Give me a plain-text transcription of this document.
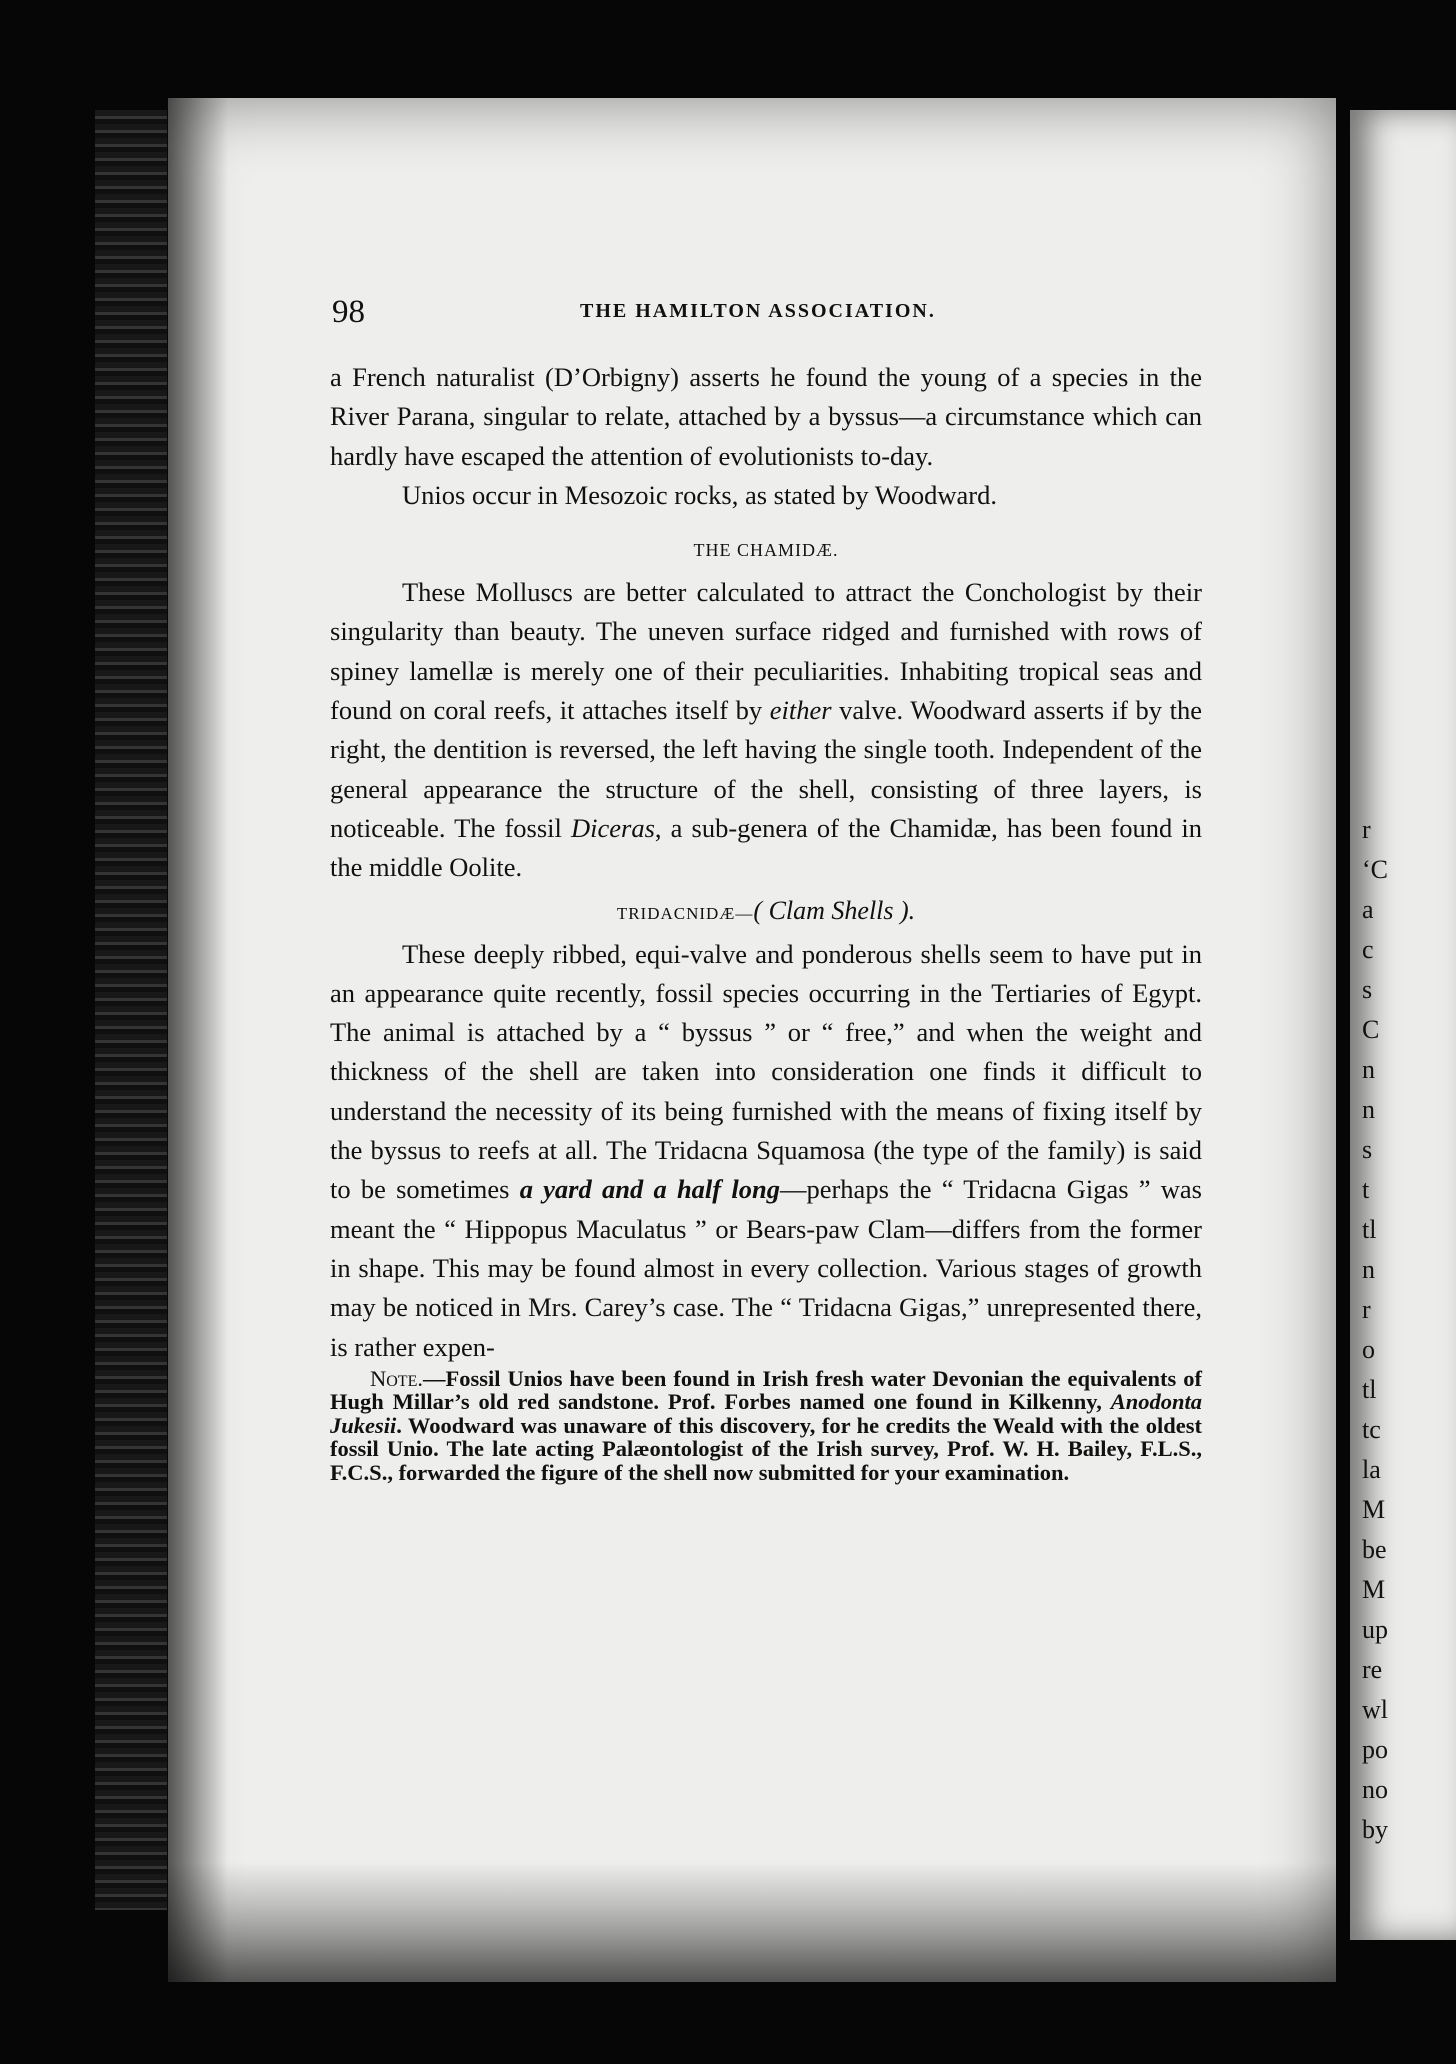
r
‘C
a
c
s
C
n
n
s
t
tl
n
r
o
tl
tc
la
M
be
M
up
re
wl
po
no
by
98	THE HAMILTON ASSOCIATION.

a French naturalist (D’Orbigny) asserts he found the young of a species in the River Parana, singular to relate, attached by a byssus—a circumstance which can hardly have escaped the attention of evolutionists to-day.

Unios occur in Mesozoic rocks, as stated by Woodward.

THE CHAMIDÆ.

These Molluscs are better calculated to attract the Conchologist by their singularity than beauty. The uneven surface ridged and furnished with rows of spiney lamellæ is merely one of their peculiarities. Inhabiting tropical seas and found on coral reefs, it attaches itself by either valve. Woodward asserts if by the right, the dentition is reversed, the left having the single tooth. Independent of the general appearance the structure of the shell, consisting of three layers, is noticeable. The fossil Diceras, a sub-genera of the Chamidæ, has been found in the middle Oolite.

TRIDACNIDÆ—( Clam Shells ).

These deeply ribbed, equi-valve and ponderous shells seem to have put in an appearance quite recently, fossil species occurring in the Tertiaries of Egypt. The animal is attached by a “ byssus ” or “ free,” and when the weight and thickness of the shell are taken into consideration one finds it difficult to understand the necessity of its being furnished with the means of fixing itself by the byssus to reefs at all. The Tridacna Squamosa (the type of the family) is said to be sometimes a yard and a half long—perhaps the “ Tridacna Gigas ” was meant the “ Hippopus Maculatus ” or Bears-paw Clam—differs from the former in shape. This may be found almost in every collection. Various stages of growth may be noticed in Mrs. Carey’s case. The “ Tridacna Gigas,” unrepresented there, is rather expen-

Note.—Fossil Unios have been found in Irish fresh water Devonian the equivalents of Hugh Millar’s old red sandstone. Prof. Forbes named one found in Kilkenny, Anodonta Jukesii. Woodward was unaware of this discovery, for he credits the Weald with the oldest fossil Unio. The late acting Palæontologist of the Irish survey, Prof. W. H. Bailey, F.L.S., F.C.S., forwarded the figure of the shell now submitted for your examination.
